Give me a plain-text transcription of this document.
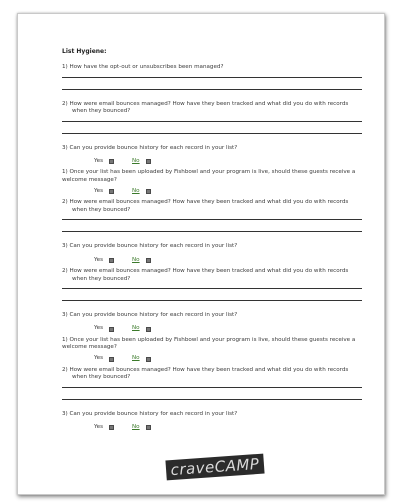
List Hygiene:

1) How have the opt-out or unsubscribes been managed?

2) How were email bounces managed? How have they been tracked and what did you do with records when they bounced?

3) Can you provide bounce history for each record in your list?

Yes	No

1) Once your list has been uploaded by Fishbowl and your program is live, should these guests receive a welcome message?

Yes	No

2) How were email bounces managed? How have they been tracked and what did you do with records when they bounced?

3) Can you provide bounce history for each record in your list?

Yes	No

2) How were email bounces managed? How have they been tracked and what did you do with records when they bounced?

3) Can you provide bounce history for each record in your list?

Yes	No

1) Once your list has been uploaded by Fishbowl and your program is live, should these guests receive a welcome message?

Yes	No

2) How were email bounces managed? How have they been tracked and what did you do with records when they bounced?

3) Can you provide bounce history for each record in your list?

Yes	No
craveCAMP
